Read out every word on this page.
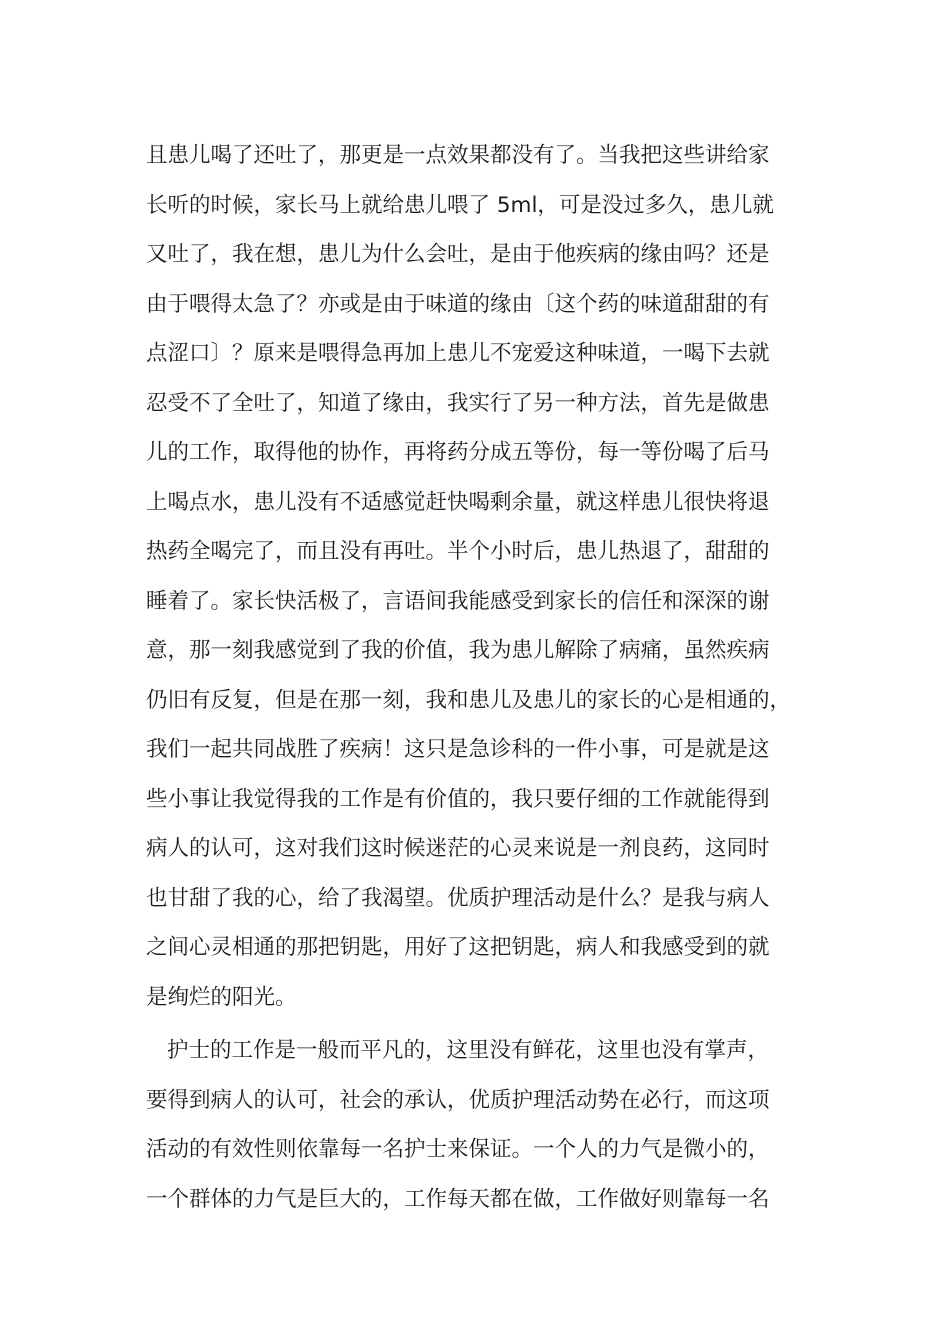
且患儿喝了还吐了，那更是一点效果都没有了。当我把这些讲给家
长听的时候，家长马上就给患儿喂了 5ml，可是没过多久，患儿就
又吐了，我在想，患儿为什么会吐，是由于他疾病的缘由吗？还是
由于喂得太急了？亦或是由于味道的缘由〔这个药的味道甜甜的有
点涩口〕？原来是喂得急再加上患儿不宠爱这种味道，一喝下去就
忍受不了全吐了，知道了缘由，我实行了另一种方法，首先是做患
儿的工作，取得他的协作，再将药分成五等份，每一等份喝了后马
上喝点水，患儿没有不适感觉赶快喝剩余量，就这样患儿很快将退
热药全喝完了，而且没有再吐。半个小时后，患儿热退了，甜甜的
睡着了。家长快活极了，言语间我能感受到家长的信任和深深的谢
意，那一刻我感觉到了我的价值，我为患儿解除了病痛，虽然疾病
仍旧有反复，但是在那一刻，我和患儿及患儿的家长的心是相通的，
我们一起共同战胜了疾病！这只是急诊科的一件小事，可是就是这
些小事让我觉得我的工作是有价值的，我只要仔细的工作就能得到
病人的认可，这对我们这时候迷茫的心灵来说是一剂良药，这同时
也甘甜了我的心，给了我渴望。优质护理活动是什么？是我与病人
之间心灵相通的那把钥匙，用好了这把钥匙，病人和我感受到的就
是绚烂的阳光。
护士的工作是一般而平凡的，这里没有鲜花，这里也没有掌声，
要得到病人的认可，社会的承认，优质护理活动势在必行，而这项
活动的有效性则依靠每一名护士来保证。一个人的力气是微小的，
一个群体的力气是巨大的，工作每天都在做，工作做好则靠每一名
